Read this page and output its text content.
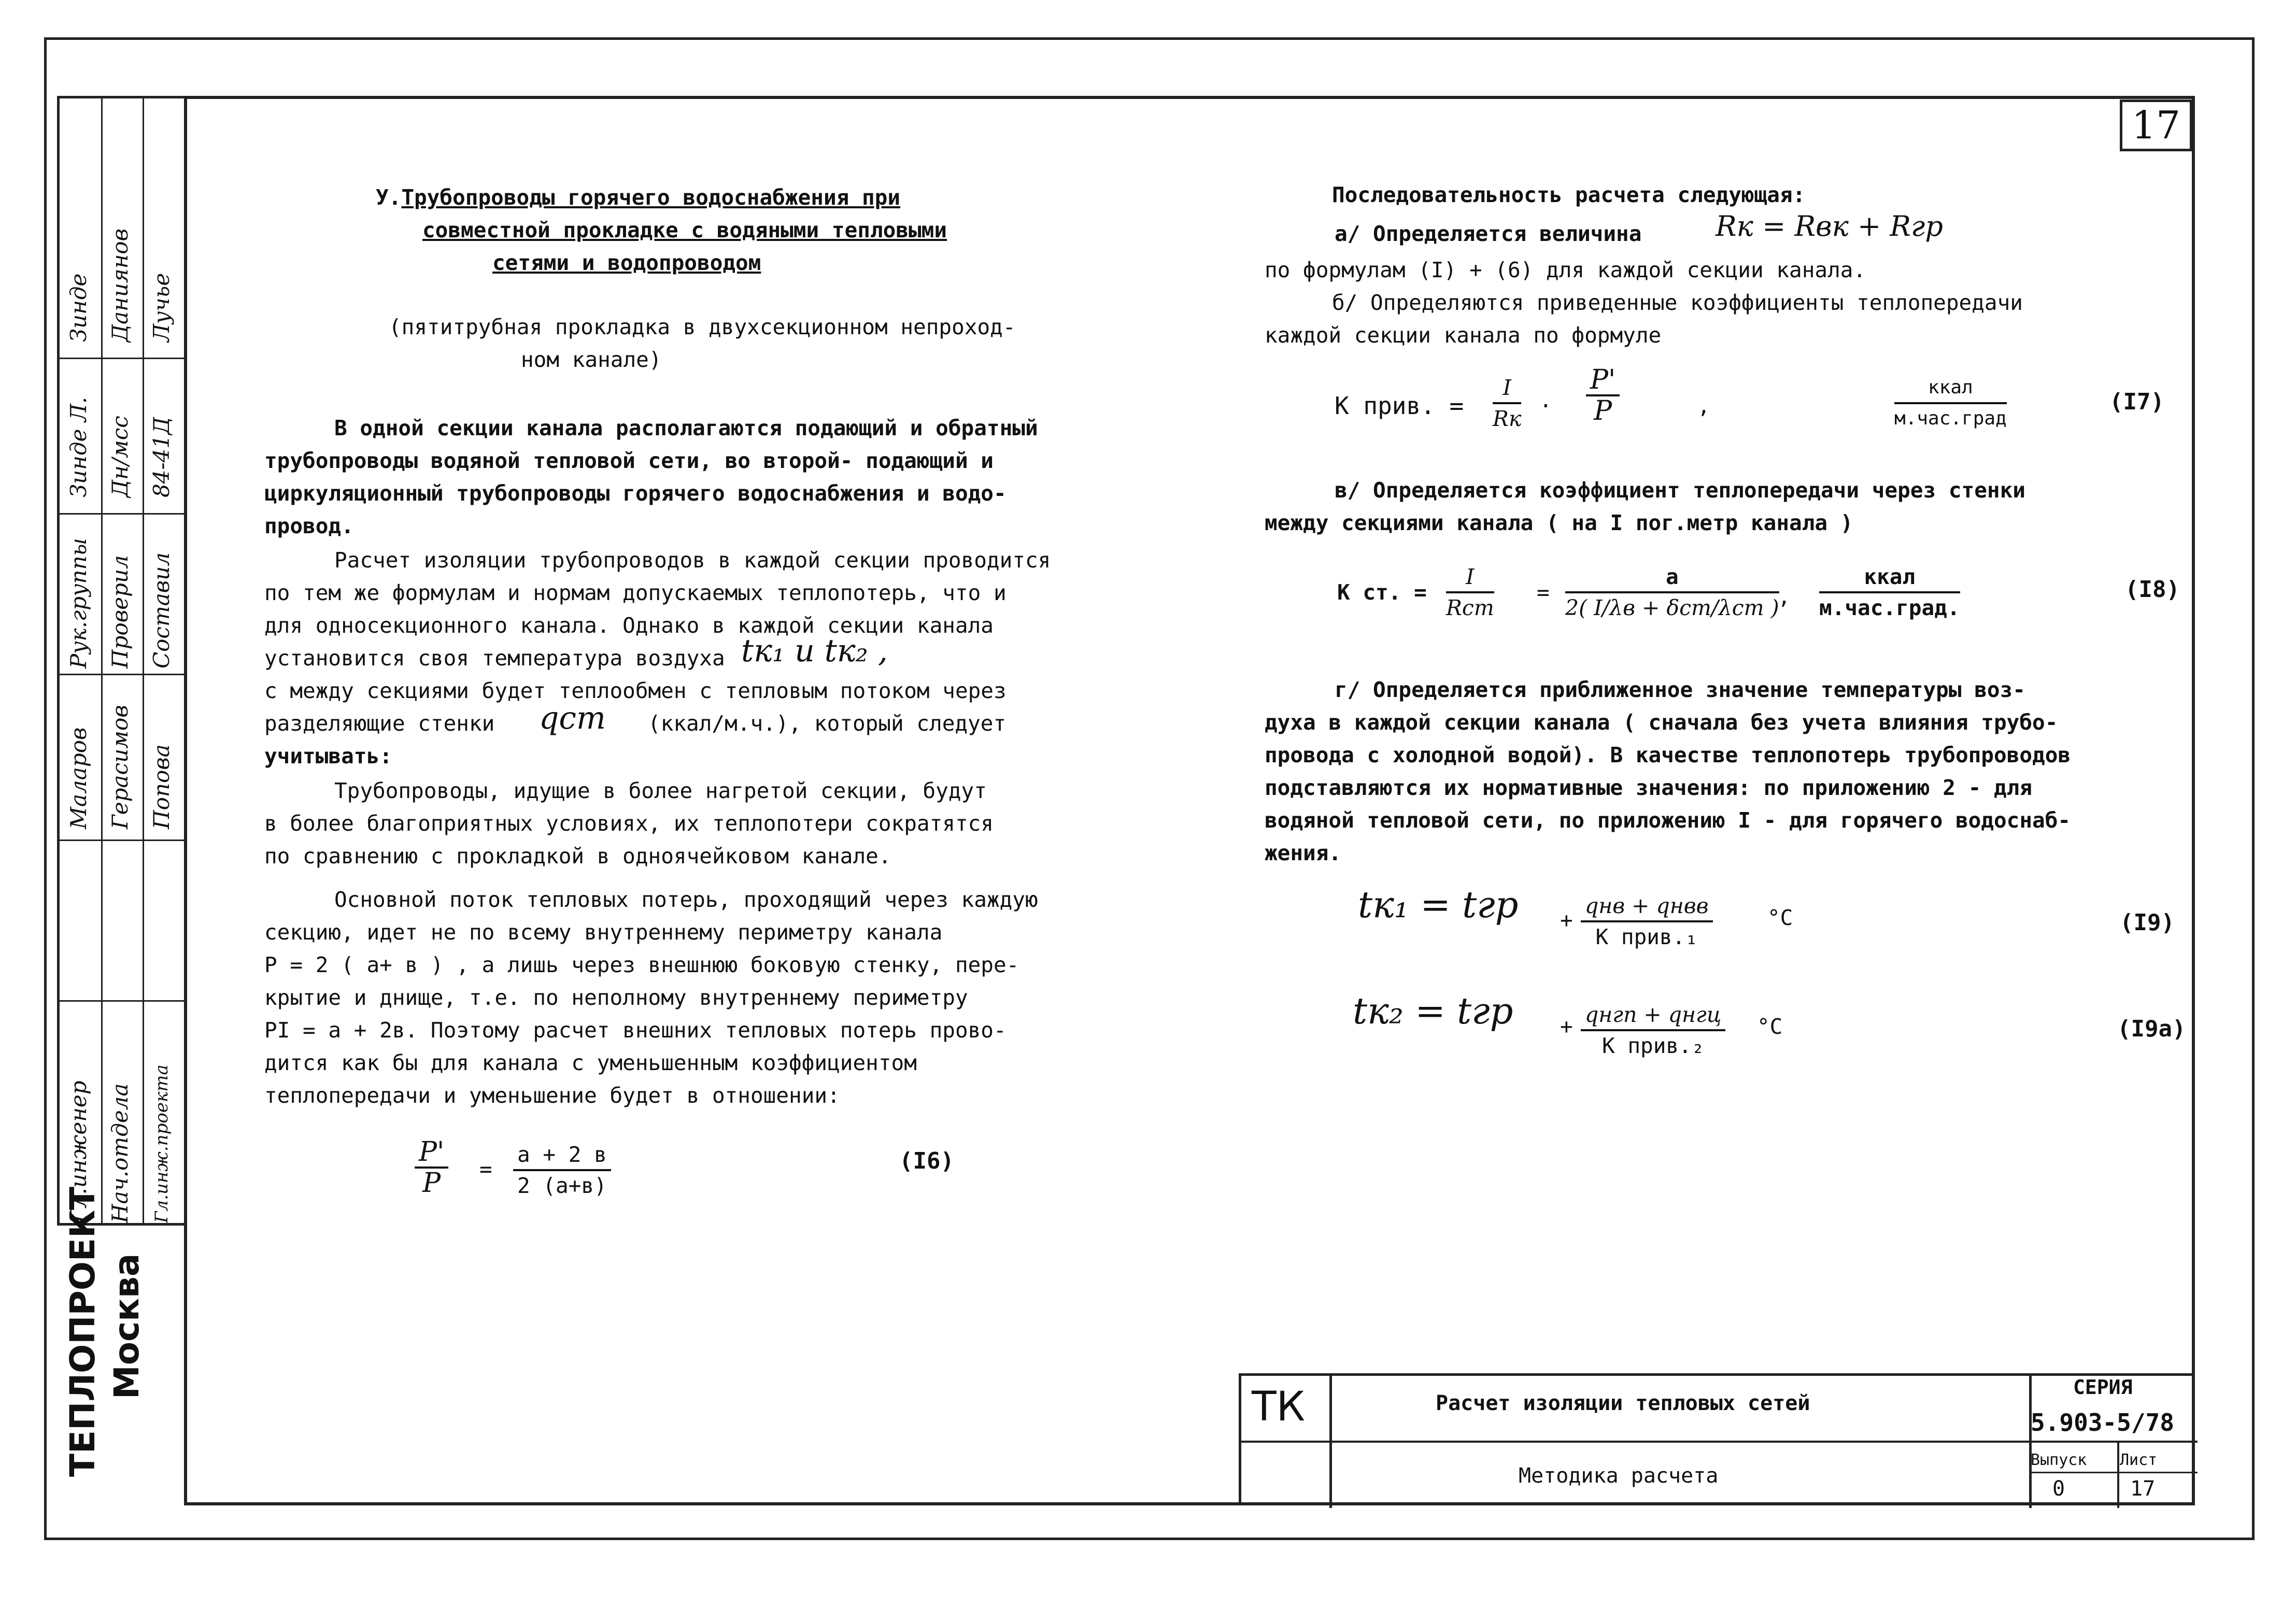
17
Гл.инженер Нач.отдела	Гл.инж.проекта
Рук.группы Проверил Составил
Малаpoв Герасимов Попова
Зинде Даниянов Лучье
Зинде Л. Дн/мсс 84-41Д
ТЕПЛОПРОЕКТ Москва
У.Трубопроводы горячего водоснабжения при
совместной прокладке с водяными тепловыми
сетями и водопроводом
(пятитрубная прокладка в двухсекционном непроход-
ном канале)
В одной секции канала располагаются подающий и обратный
трубопроводы водяной тепловой сети, во второй- подающий и
циркуляционный трубопроводы горячего водоснабжения и водо-
провод.
Расчет изоляции трубопроводов в каждой секции проводится
по тем же формулам и нормам допускаемых теплопотерь, что и
для односекционного канала. Однако в каждой секции канала
установится своя температура воздуха tк₁ и tк₂ ,
с между секциями будет теплообмен с тепловым потоком через
разделяющие стенки qст (ккал/м.ч.), который следует
учитывать:
Трубопроводы, идущие в более нагретой секции, будут
в более благоприятных условиях, их теплопотери сократятся
по сравнению с прокладкой в одноячейковом канале.
Основной поток тепловых потерь, проходящий через каждую
секцию, идет не по всему внутреннему периметру канала
P = 2 ( а+ в ) , а лишь через внешнюю боковую стенку, пере-
крытие и днище, т.е. по неполному внутреннему периметру
PI = а + 2в. Поэтому расчет внешних тепловых потерь прово-
дится как бы для канала с уменьшенным коэффициентом
теплопередачи и уменьшение будет в отношении:
$\frac{P'}{P}$ =
а + 2 в
2 (а+в)
(I6)
Последовательность расчета следующая:
а/ Определяется величина	Rк = Rвк + Rгр
по формулам (I) + (6) для каждой секции канала.
б/ Определяются приведенные коэффициенты теплопередачи
каждой секции канала по формуле
K прив. =
I
Rк
· $\frac{P'}{P}$	,
ккал
м.час.град
(I7)
в/ Определяется коэффициент теплопередачи через стенки
между секциями канала ( на I пог.метр канала )
K ст. =
I
Rст
=
а
2( I/λв + δст/λст )
,
ккал
м.час.град.
(I8)
г/ Определяется приближенное значение температуры воз-
духа в каждой секции канала ( сначала без учета влияния трубо-
провода с холодной водой). В качестве теплопотерь трубопроводов
подставляются их нормативные значения: по приложению 2 - для
водяной тепловой сети, по приложению I - для горячего водоснаб-
жения.
tк₁ = tгр +
qнв + qнвв
K прив.₁
°C	(I9)
tк₂ = tгр + qнгп + qнгц
K прив.₂
°C	(I9а)
ТК	Расчет изоляции тепловых сетей
Методика расчета
СЕРИЯ
5.903-5/78
Выпуск Лист
0	17
